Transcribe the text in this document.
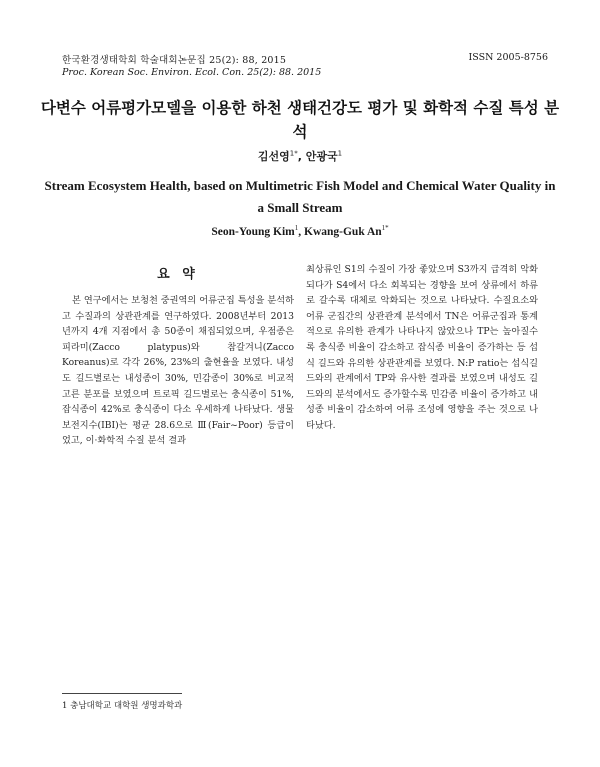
한국환경생태학회 학술대회논문집 25(2): 88, 2015
Proc. Korean Soc. Environ. Ecol. Con. 25(2): 88. 2015
ISSN 2005-8756
다변수 어류평가모델을 이용한 하천 생태건강도 평가 및 화학적 수질 특성 분석
김선영$^{1*}$, 안광국$^1$
Stream Ecosystem Health, based on Multimetric Fish Model and Chemical Water Quality in a Small Stream
Seon-Young Kim$^1$, Kwang-Guk $An^{1*}$
요 약

본 연구에서는 보청천 중권역의 어류군집 특성을 분석하고 수질과의 상관관계를 연구하였다. 2008년부터 2013년까지 4개 지점에서 총 50종이 채집되었으며, 우점종은 피라미(Zacco platypus)와 참갈겨니(Zacco Koreanus)로 각각 26%, 23%의 출현율을 보였다. 내성도 길드별로는 내성종이 30%, 민감종이 30%로 비교적 고른 분포를 보였으며 트로픽 길드별로는 충식종이 51%, 잡식종이 42%로 충식종이 다소 우세하게 나타났다. 생물보전지수(IBI)는 평균 28.6으로 Ⅲ(Fair~Poor) 등급이었고, 이·화학적 수질 분석 결과

최상류인 S1의 수질이 가장 좋았으며 S3까지 급격히 악화되다가 S4에서 다소 회복되는 경향을 보여 상류에서 하류로 갈수록 대체로 악화되는 것으로 나타났다. 수질요소와 어류 군집간의 상관관계 분석에서 TN은 어류군집과 통계적으로 유의한 관계가 나타나지 않았으나 TP는 높아질수록 충식종 비율이 감소하고 잡식종 비율이 증가하는 등 섭식 길드와 유의한 상관관계를 보였다. N:P ratio는 섭식길드와의 관계에서 TP와 유사한 결과를 보였으며 내성도 길드와의 분석에서도 증가할수록 민감종 비율이 증가하고 내성종 비율이 감소하여 어류 조성에 영향을 주는 것으로 나타났다.

1 충남대학교 대학원 생명과학과
